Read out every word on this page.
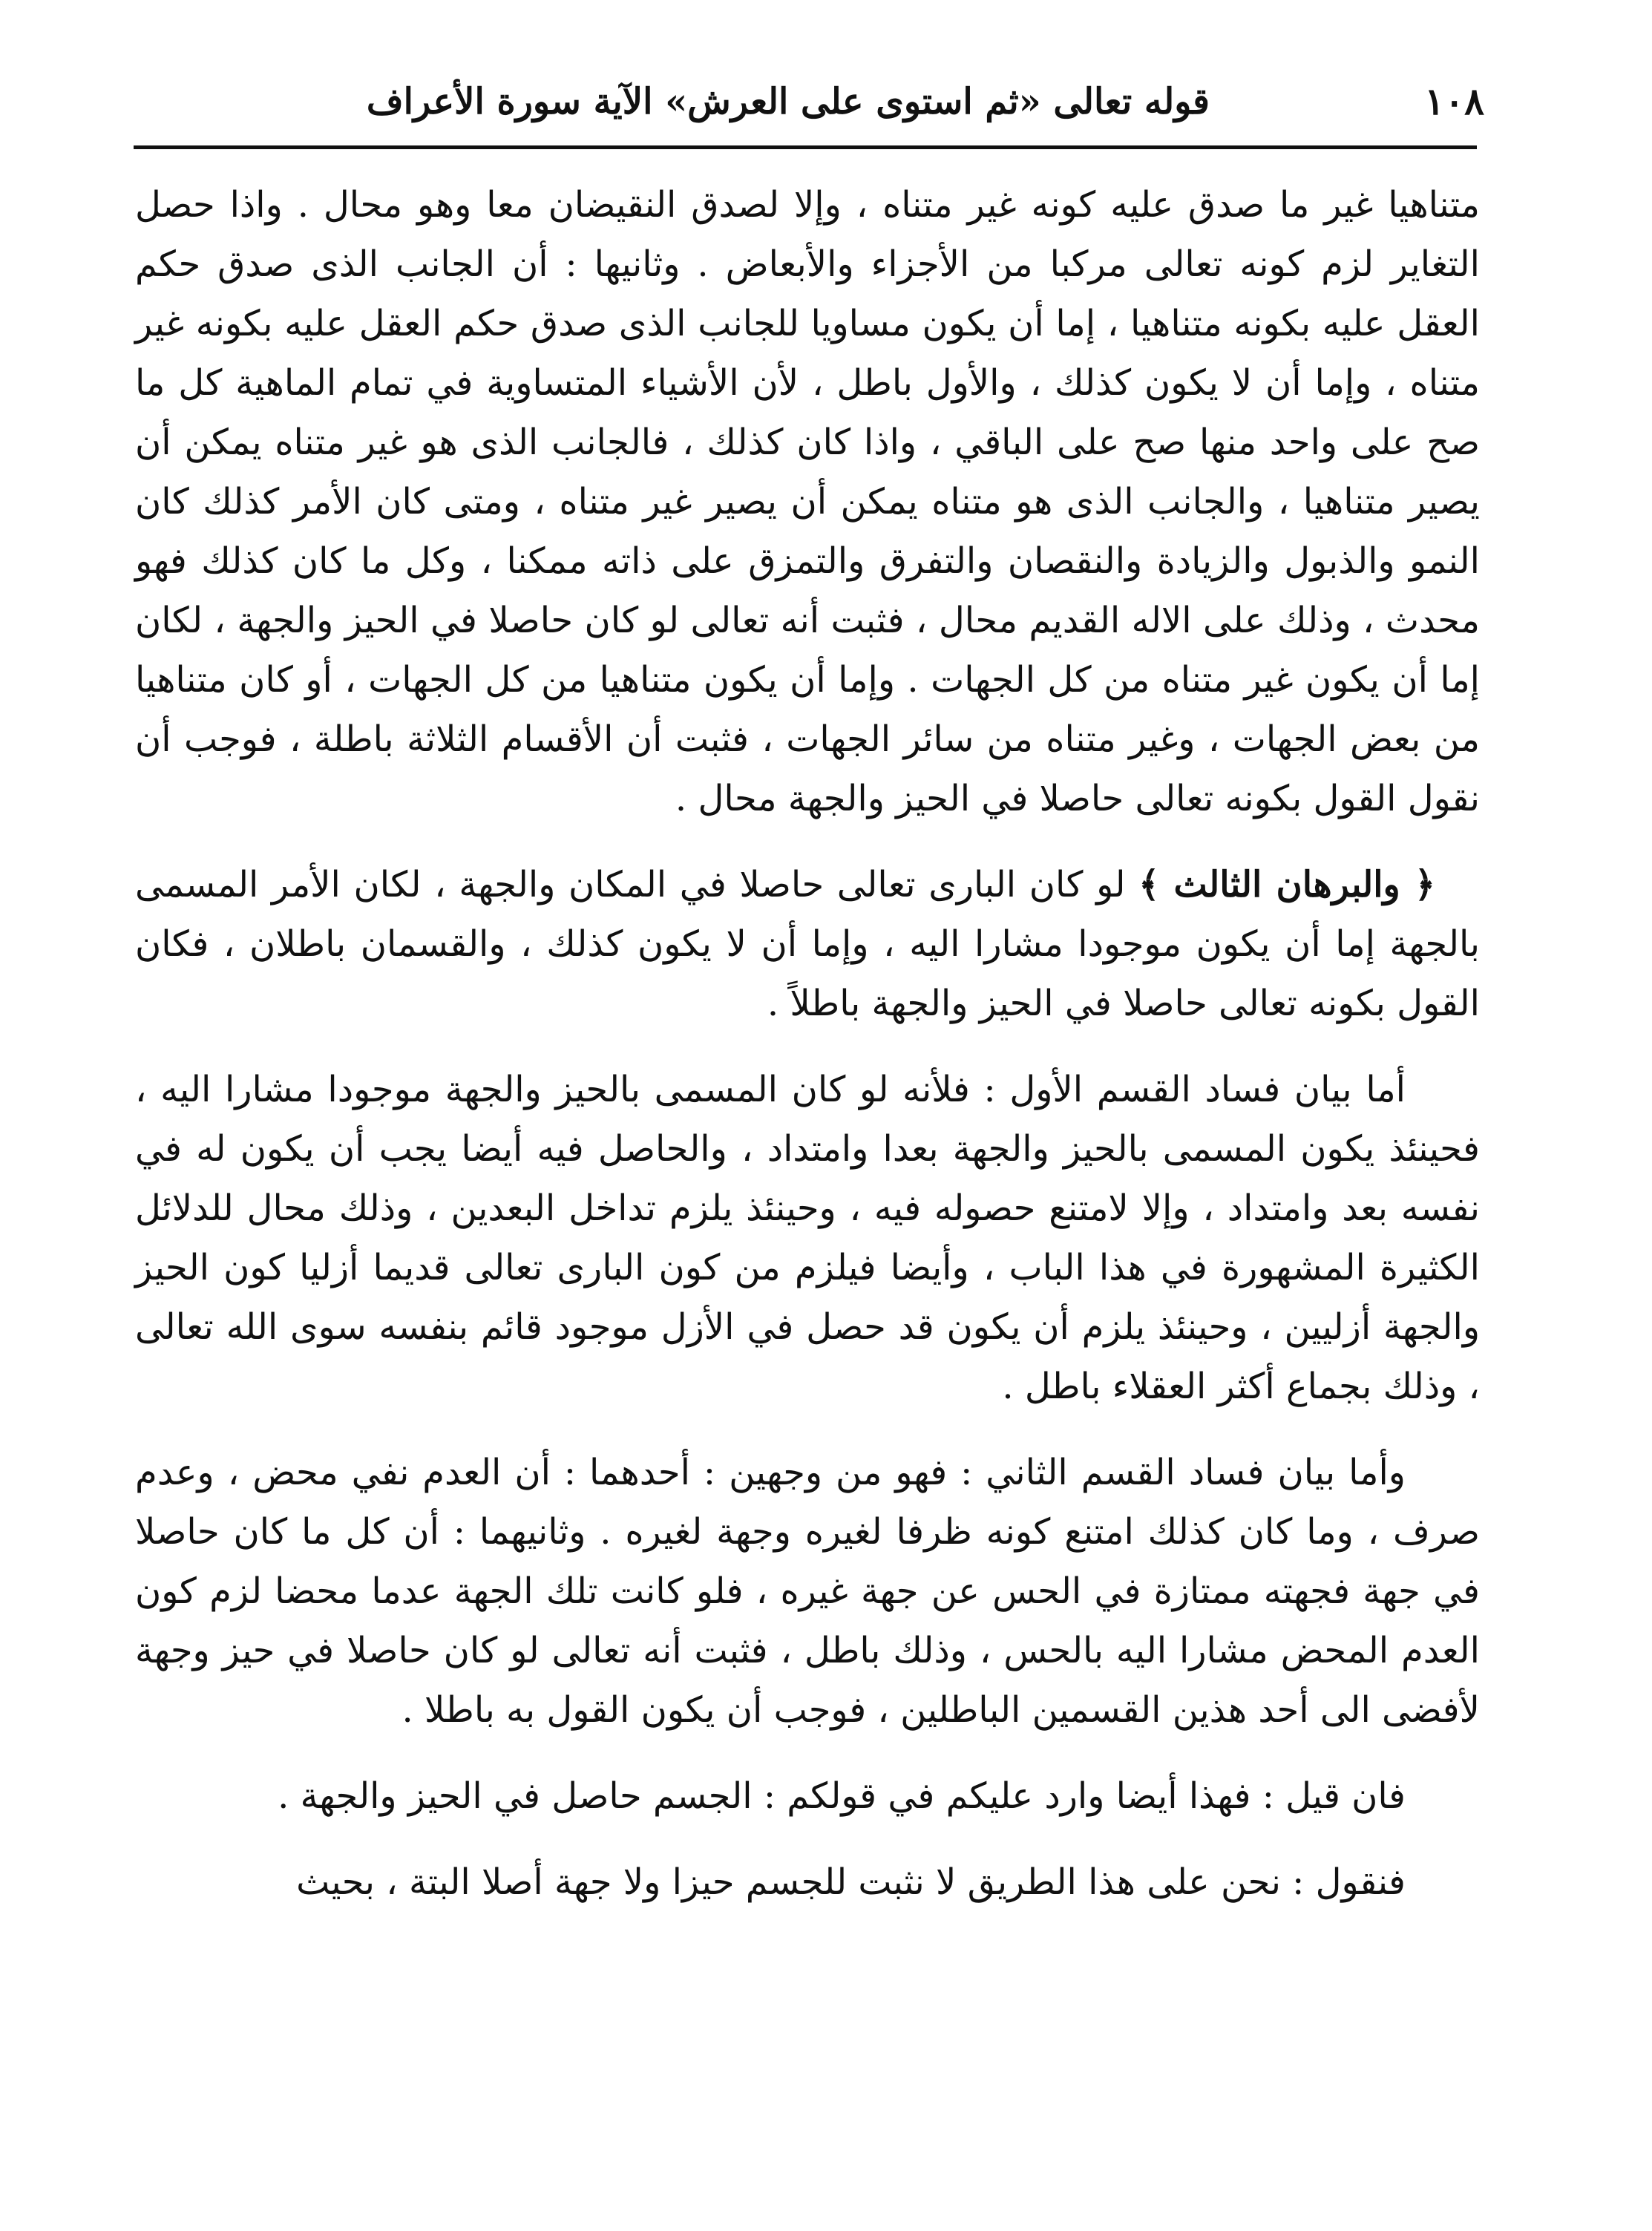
١٠٨
قوله تعالى «ثم استوى على العرش» الآية سورة الأعراف

متناهيا غير ما صدق عليه كونه غير متناه ، وإلا لصدق النقيضان معا وهو محال . واذا حصل التغاير لزم كونه تعالى مركبا من الأجزاء والأبعاض . وثانيها : أن الجانب الذى صدق حكم العقل عليه بكونه متناهيا ، إما أن يكون مساويا للجانب الذى صدق حكم العقل عليه بكونه غير متناه ، وإما أن لا يكون كذلك ، والأول باطل ، لأن الأشياء المتساوية في تمام الماهية كل ما صح على واحد منها صح على الباقي ، واذا كان كذلك ، فالجانب الذى هو غير متناه يمكن أن يصير متناهيا ، والجانب الذى هو متناه يمكن أن يصير غير متناه ، ومتى كان الأمر كذلك كان النمو والذبول والزيادة والنقصان والتفرق والتمزق على ذاته ممكنا ، وكل ما كان كذلك فهو محدث ، وذلك على الاله القديم محال ، فثبت أنه تعالى لو كان حاصلا في الحيز والجهة ، لكان إما أن يكون غير متناه من كل الجهات . وإما أن يكون متناهيا من كل الجهات ، أو كان متناهيا من بعض الجهات ، وغير متناه من سائر الجهات ، فثبت أن الأقسام الثلاثة باطلة ، فوجب أن نقول القول بكونه تعالى حاصلا في الحيز والجهة محال .

﴿ والبرهان الثالث ﴾ لو كان البارى تعالى حاصلا في المكان والجهة ، لكان الأمر المسمى بالجهة إما أن يكون موجودا مشارا اليه ، وإما أن لا يكون كذلك ، والقسمان باطلان ، فكان القول بكونه تعالى حاصلا في الحيز والجهة باطلاً .

أما بيان فساد القسم الأول : فلأنه لو كان المسمى بالحيز والجهة موجودا مشارا اليه ، فحينئذ يكون المسمى بالحيز والجهة بعدا وامتداد ، والحاصل فيه أيضا يجب أن يكون له في نفسه بعد وامتداد ، وإلا لامتنع حصوله فيه ، وحينئذ يلزم تداخل البعدين ، وذلك محال للدلائل الكثيرة المشهورة في هذا الباب ، وأيضا فيلزم من كون البارى تعالى قديما أزليا كون الحيز والجهة أزليين ، وحينئذ يلزم أن يكون قد حصل في الأزل موجود قائم بنفسه سوى الله تعالى ، وذلك بجماع أكثر العقلاء باطل .

وأما بيان فساد القسم الثاني : فهو من وجهين : أحدهما : أن العدم نفي محض ، وعدم صرف ، وما كان كذلك امتنع كونه ظرفا لغيره وجهة لغيره . وثانيهما : أن كل ما كان حاصلا في جهة فجهته ممتازة في الحس عن جهة غيره ، فلو كانت تلك الجهة عدما محضا لزم كون العدم المحض مشارا اليه بالحس ، وذلك باطل ، فثبت أنه تعالى لو كان حاصلا في حيز وجهة لأفضى الى أحد هذين القسمين الباطلين ، فوجب أن يكون القول به باطلا .

فان قيل : فهذا أيضا وارد عليكم في قولكم : الجسم حاصل في الحيز والجهة .

فنقول : نحن على هذا الطريق لا نثبت للجسم حيزا ولا جهة أصلا البتة ، بحيث
